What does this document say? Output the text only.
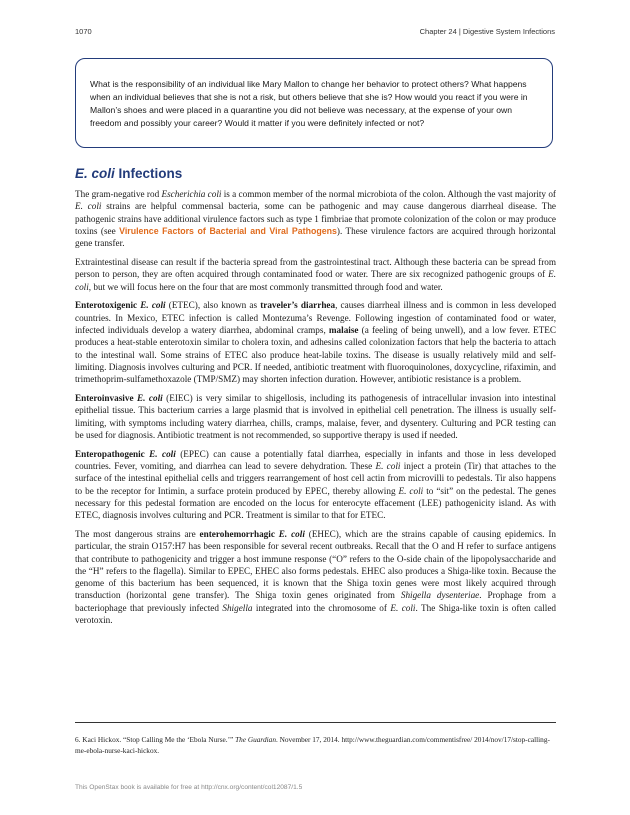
1070	Chapter 24 | Digestive System Infections
What is the responsibility of an individual like Mary Mallon to change her behavior to protect others? What happens when an individual believes that she is not a risk, but others believe that she is? How would you react if you were in Mallon’s shoes and were placed in a quarantine you did not believe was necessary, at the expense of your own freedom and possibly your career? Would it matter if you were definitely infected or not?
E. coli Infections

The gram-negative rod Escherichia coli is a common member of the normal microbiota of the colon. Although the vast majority of E. coli strains are helpful commensal bacteria, some can be pathogenic and may cause dangerous diarrheal disease. The pathogenic strains have additional virulence factors such as type 1 fimbriae that promote colonization of the colon or may produce toxins (see Virulence Factors of Bacterial and Viral Pathogens). These virulence factors are acquired through horizontal gene transfer.

Extraintestinal disease can result if the bacteria spread from the gastrointestinal tract. Although these bacteria can be spread from person to person, they are often acquired through contaminated food or water. There are six recognized pathogenic groups of E. coli, but we will focus here on the four that are most commonly transmitted through food and water.

Enterotoxigenic E. coli (ETEC), also known as traveler’s diarrhea, causes diarrheal illness and is common in less developed countries. In Mexico, ETEC infection is called Montezuma’s Revenge. Following ingestion of contaminated food or water, infected individuals develop a watery diarrhea, abdominal cramps, malaise (a feeling of being unwell), and a low fever. ETEC produces a heat-stable enterotoxin similar to cholera toxin, and adhesins called colonization factors that help the bacteria to attach to the intestinal wall. Some strains of ETEC also produce heat-labile toxins. The disease is usually relatively mild and self-limiting. Diagnosis involves culturing and PCR. If needed, antibiotic treatment with fluoroquinolones, doxycycline, rifaximin, and trimethoprim-sulfamethoxazole (TMP/SMZ) may shorten infection duration. However, antibiotic resistance is a problem.

Enteroinvasive E. coli (EIEC) is very similar to shigellosis, including its pathogenesis of intracellular invasion into intestinal epithelial tissue. This bacterium carries a large plasmid that is involved in epithelial cell penetration. The illness is usually self-limiting, with symptoms including watery diarrhea, chills, cramps, malaise, fever, and dysentery. Culturing and PCR testing can be used for diagnosis. Antibiotic treatment is not recommended, so supportive therapy is used if needed.

Enteropathogenic E. coli (EPEC) can cause a potentially fatal diarrhea, especially in infants and those in less developed countries. Fever, vomiting, and diarrhea can lead to severe dehydration. These E. coli inject a protein (Tir) that attaches to the surface of the intestinal epithelial cells and triggers rearrangement of host cell actin from microvilli to pedestals. Tir also happens to be the receptor for Intimin, a surface protein produced by EPEC, thereby allowing E. coli to “sit” on the pedestal. The genes necessary for this pedestal formation are encoded on the locus for enterocyte effacement (LEE) pathogenicity island. As with ETEC, diagnosis involves culturing and PCR. Treatment is similar to that for ETEC.

The most dangerous strains are enterohemorrhagic E. coli (EHEC), which are the strains capable of causing epidemics. In particular, the strain O157:H7 has been responsible for several recent outbreaks. Recall that the O and H refer to surface antigens that contribute to pathogenicity and trigger a host immune response (“O” refers to the O-side chain of the lipopolysaccharide and the “H” refers to the flagella). Similar to EPEC, EHEC also forms pedestals. EHEC also produces a Shiga-like toxin. Because the genome of this bacterium has been sequenced, it is known that the Shiga toxin genes were most likely acquired through transduction (horizontal gene transfer). The Shiga toxin genes originated from Shigella dysenteriae. Prophage from a bacteriophage that previously infected Shigella integrated into the chromosome of E. coli. The Shiga-like toxin is often called verotoxin.

6. Kaci Hickox. “Stop Calling Me the ‘Ebola Nurse.’” The Guardian. November 17, 2014. http://www.theguardian.com/commentisfree/ 2014/nov/17/stop-calling-me-ebola-nurse-kaci-hickox.
This OpenStax book is available for free at http://cnx.org/content/col12087/1.5
